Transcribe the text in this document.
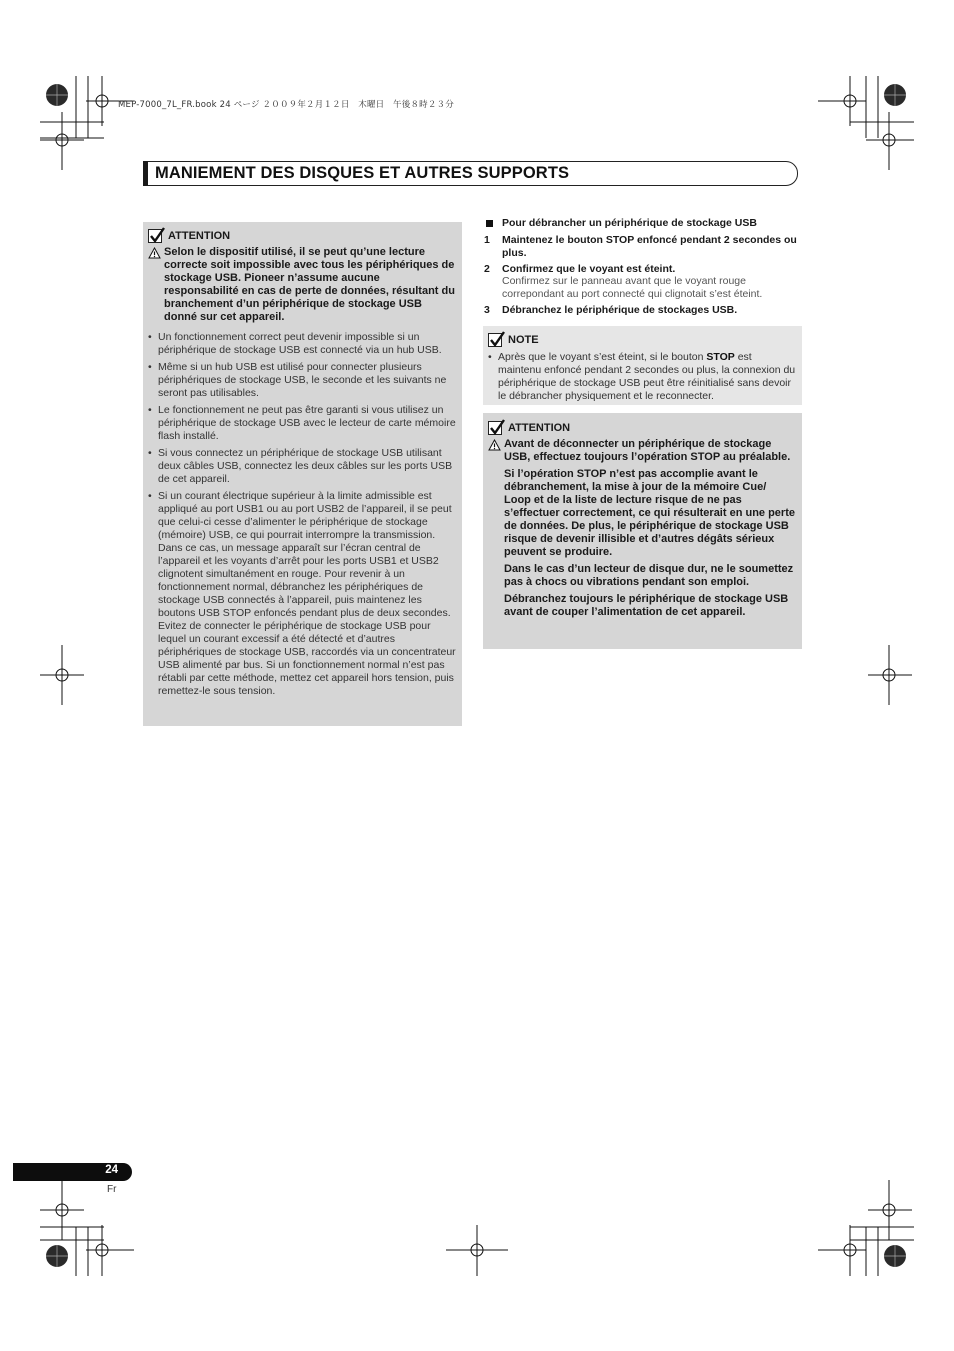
MEP-7000_7L_FR.book 24 ページ ２００９年２月１２日　木曜日　午後８時２３分
MANIEMENT DES DISQUES ET AUTRES SUPPORTS
ATTENTION

Selon le dispositif utilisé, il se peut qu’une lecture correcte soit impossible avec tous les périphériques de stockage USB. Pioneer n’assume aucune responsabilité en cas de perte de données, résultant du branchement d’un périphérique de stockage USB donné sur cet appareil.

• Un fonctionnement correct peut devenir impossible si un périphérique de stockage USB est connecté via un hub USB.
• Même si un hub USB est utilisé pour connecter plusieurs périphériques de stockage USB, le seconde et les suivants ne seront pas utilisables.
• Le fonctionnement ne peut pas être garanti si vous utilisez un périphérique de stockage USB avec le lecteur de carte mémoire flash installé.
• Si vous connectez un périphérique de stockage USB utilisant deux câbles USB, connectez les deux câbles sur les ports USB de cet appareil.
• Si un courant électrique supérieur à la limite admissible est appliqué au port USB1 ou au port USB2 de l’appareil, il se peut que celui-ci cesse d’alimenter le périphérique de stockage (mémoire) USB, ce qui pourrait interrompre la transmission. Dans ce cas, un message apparaît sur l’écran central de l’appareil et les voyants d’arrêt pour les ports USB1 et USB2 clignotent simultanément en rouge. Pour revenir à un fonctionnement normal, débranchez les périphériques de stockage USB connectés à l’appareil, puis maintenez les boutons USB STOP enfoncés pendant plus de deux secondes. Evitez de connecter le périphérique de stockage USB pour lequel un courant excessif a été détecté et d’autres périphériques de stockage USB, raccordés via un concentrateur USB alimenté par bus. Si un fonctionnement normal n’est pas rétabli par cette méthode, mettez cet appareil hors tension, puis remettez-le sous tension.
Pour débrancher un périphérique de stockage USB
1	Maintenez le bouton STOP enfoncé pendant 2 secondes ou plus.
2	Confirmez que le voyant est éteint.
Confirmez sur le panneau avant que le voyant rouge correpondant au port connecté qui clignotait s’est éteint.
3	Débranchez le périphérique de stockages USB.
NOTE
• Après que le voyant s’est éteint, si le bouton STOP est maintenu enfoncé pendant 2 secondes ou plus, la connexion du périphérique de stockage USB peut être réinitialisé sans devoir le débrancher physiquement et le reconnecter.
ATTENTION

Avant de déconnecter un périphérique de stockage USB, effectuez toujours l’opération STOP au préalable.

Si l’opération STOP n’est pas accomplie avant le débranchement, la mise à jour de la mémoire Cue/ Loop et de la liste de lecture risque de ne pas s’effectuer correctement, ce qui résulterait en une perte de données. De plus, le périphérique de stockage USB risque de devenir illisible et d’autres dégâts sérieux peuvent se produire.

Dans le cas d’un lecteur de disque dur, ne le soumettez pas à chocs ou vibrations pendant son emploi.

Débranchez toujours le périphérique de stockage USB avant de couper l’alimentation de cet appareil.

24
Fr
